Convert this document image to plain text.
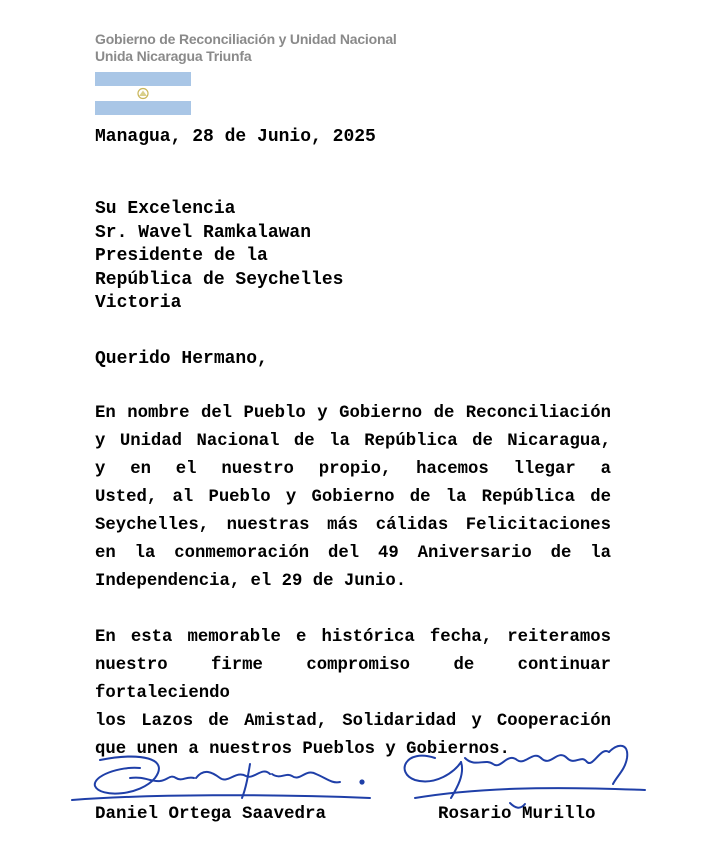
Gobierno de Reconciliación y Unidad Nacional
Unida Nicaragua Triunfa
Managua, 28 de Junio, 2025
Su Excelencia
Sr. Wavel Ramkalawan
Presidente de la
República de Seychelles
Victoria
Querido Hermano,
En nombre del Pueblo y Gobierno de Reconciliación
y Unidad Nacional de la República de Nicaragua,
y en el nuestro propio, hacemos llegar a
Usted, al Pueblo y Gobierno de la República de
Seychelles, nuestras más cálidas Felicitaciones
en la conmemoración del 49 Aniversario de la
Independencia, el 29 de Junio.
En esta memorable e histórica fecha, reiteramos
nuestro firme compromiso de continuar fortaleciendo
los Lazos de Amistad, Solidaridad y Cooperación
que unen a nuestros Pueblos y Gobiernos.
Daniel Ortega Saavedra	Rosario Murillo
